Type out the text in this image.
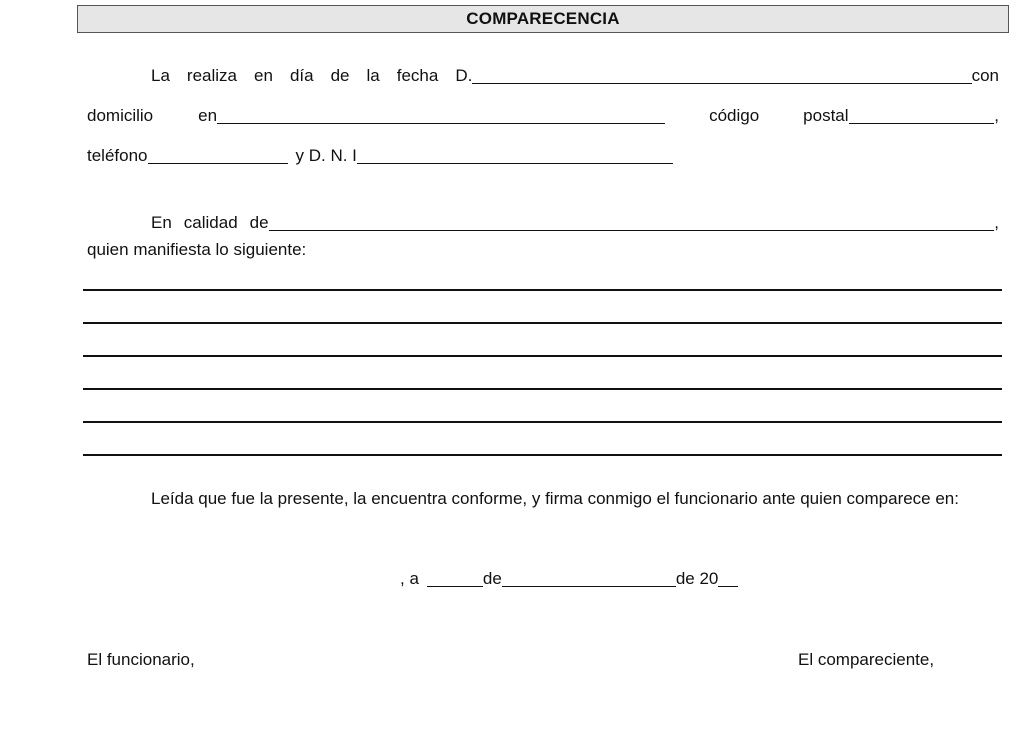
COMPARECENCIA
La realiza en día de la fecha D.	con
domicilio	en	código	postal	,
teléfono	y D. N. I
En calidad de	,
quien manifiesta lo siguiente:
Leída que fue la presente, la encuentra conforme, y firma conmigo el funcionario ante quien comparece en:
, a	de	de 20
El funcionario,	El compareciente,
